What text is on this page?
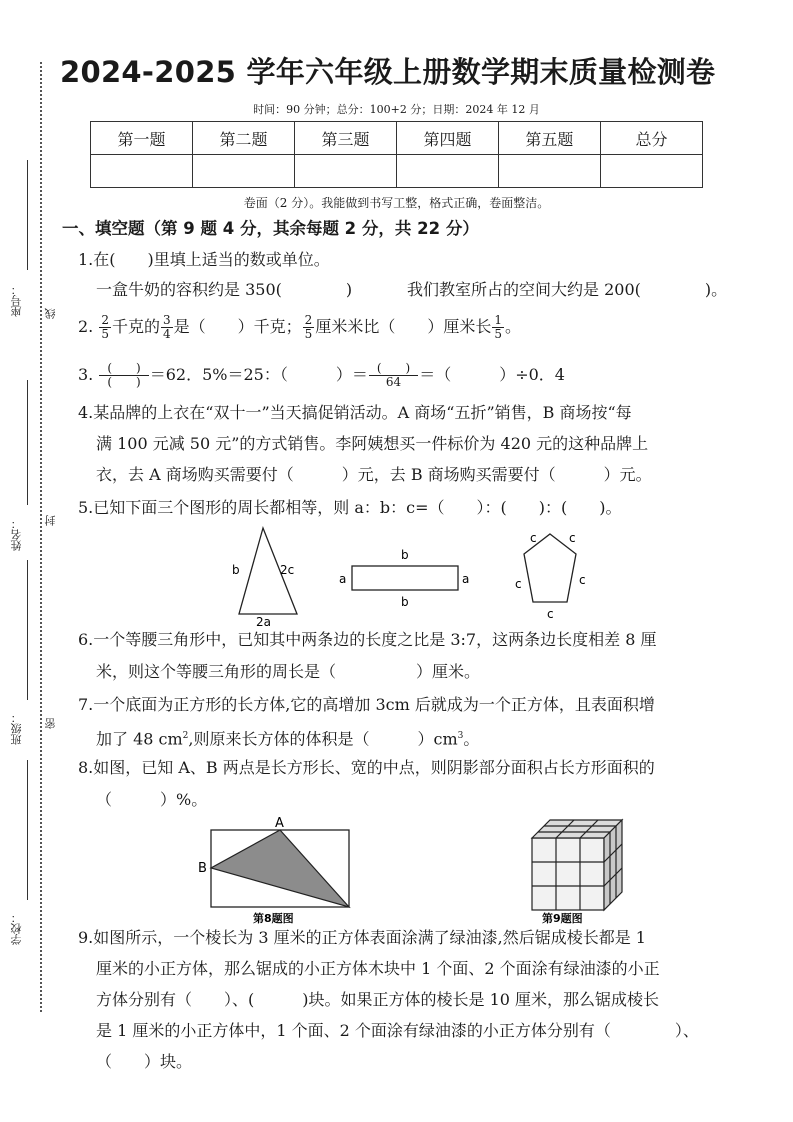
座号： 线
姓名： 封
班级： 密
学校：
2024-2025 学年六年级上册数学期末质量检测卷
时间：90 分钟；总分：100+2 分；日期：2024 年 12 月
第一题	第二题	第三题	第四题	第五题	总分

卷面（2 分）。我能做到书写工整，格式正确，卷面整洁。
一、填空题（第 9 题 4 分，其余每题 2 分，共 22 分）
1.在(　　)里填上适当的数或单位。
一盒牛奶的容积约是 350(　　　　)	我们教室所占的空间大约是 200(　　　　)。
2. $\frac{2}{5}$ 千克的 $\frac{3}{4}$ 是（　　）千克； $\frac{2}{5}$ 厘米米比（　　）厘米长 $\frac{1}{5}$ 。
3. $\frac{( )}{( )} =62$．5%＝25：（　　　）＝ $\frac{( )}{64}$ ＝（　　　）÷0．4
4.某品牌的上衣在“双十一”当天搞促销活动。A 商场“五折”销售，B 商场按“每
满 100 元减 50 元”的方式销售。李阿姨想买一件标价为 420 元的这种品牌上
衣，去 A 商场购买需要付（　　　）元，去 B 商场购买需要付（　　　）元。
5.已知下面三个图形的周长都相等，则 a：b：c=（　　）：(　　)：(　　)。
b	2c
2a
b
b
a	a
c	c
c	c
c
6.一个等腰三角形中，已知其中两条边的长度之比是 3:7，这两条边长度相差 8 厘
米，则这个等腰三角形的周长是（　　　　　）厘米。
7.一个底面为正方形的长方体,它的高增加 3cm 后就成为一个正方体，且表面积增
加了 48 $cm^2$,则原来长方体的体积是（　　　）$cm^3$。
8.如图，已知 A、B 两点是长方形长、宽的中点，则阴影部分面积占长方形面积的
（　　　）%。
A
B
第8题图	第9题图
9.如图所示，一个棱长为 3 厘米的正方体表面涂满了绿油漆,然后锯成棱长都是 1
厘米的小正方体，那么锯成的小正方体木块中 1 个面、2 个面涂有绿油漆的小正
方体分别有（　　）、(　　　)块。如果正方体的棱长是 10 厘米，那么锯成棱长
是 1 厘米的小正方体中，1 个面、2 个面涂有绿油漆的小正方体分别有（　　　　）、
（　　）块。
